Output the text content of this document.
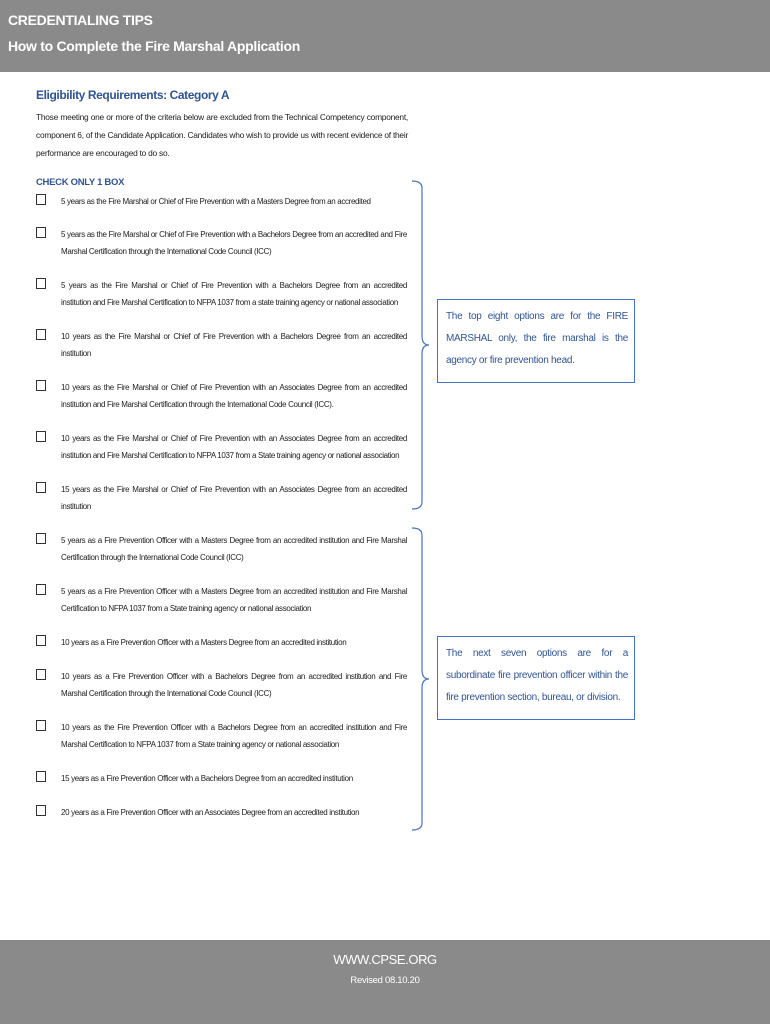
CREDENTIALING TIPS
How to Complete the Fire Marshal Application
Eligibility Requirements: Category A
Those meeting one or more of the criteria below are excluded from the Technical Competency component, component 6, of the Candidate Application. Candidates who wish to provide us with recent evidence of their performance are encouraged to do so.
CHECK ONLY 1 BOX
5 years as the Fire Marshal or Chief of Fire Prevention with a Masters Degree from an accredited
5 years as the Fire Marshal or Chief of Fire Prevention with a Bachelors Degree from an accredited and Fire Marshal Certification through the International Code Council (ICC)
5 years as the Fire Marshal or Chief of Fire Prevention with a Bachelors Degree from an accredited institution and Fire Marshal Certification to NFPA 1037 from a state training agency or national association
10 years as the Fire Marshal or Chief of Fire Prevention with a Bachelors Degree from an accredited institution
10 years as the Fire Marshal or Chief of Fire Prevention with an Associates Degree from an accredited institution and Fire Marshal Certification through the International Code Council (ICC).
10 years as the Fire Marshal or Chief of Fire Prevention with an Associates Degree from an accredited institution and Fire Marshal Certification to NFPA 1037 from a State training agency or national association
15 years as the Fire Marshal or Chief of Fire Prevention with an Associates Degree from an accredited institution
5 years as a Fire Prevention Officer with a Masters Degree from an accredited institution and Fire Marshal Certification through the International Code Council (ICC)
5 years as a Fire Prevention Officer with a Masters Degree from an accredited institution and Fire Marshal Certification to NFPA 1037 from a State training agency or national association
10 years as a Fire Prevention Officer with a Masters Degree from an accredited institution
10 years as a Fire Prevention Officer with a Bachelors Degree from an accredited institution and Fire Marshal Certification through the International Code Council (ICC)
10 years as the Fire Prevention Officer with a Bachelors Degree from an accredited institution and Fire Marshal Certification to NFPA 1037 from a State training agency or national association
15 years as a Fire Prevention Officer with a Bachelors Degree from an accredited institution
20 years as a Fire Prevention Officer with an Associates Degree from an accredited institution
The top eight options are for the FIRE MARSHAL only, the fire marshal is the agency or fire prevention head.
The next seven options are for a subordinate fire prevention officer within the fire prevention section, bureau, or division.
WWW.CPSE.ORG
Revised 08.10.20
